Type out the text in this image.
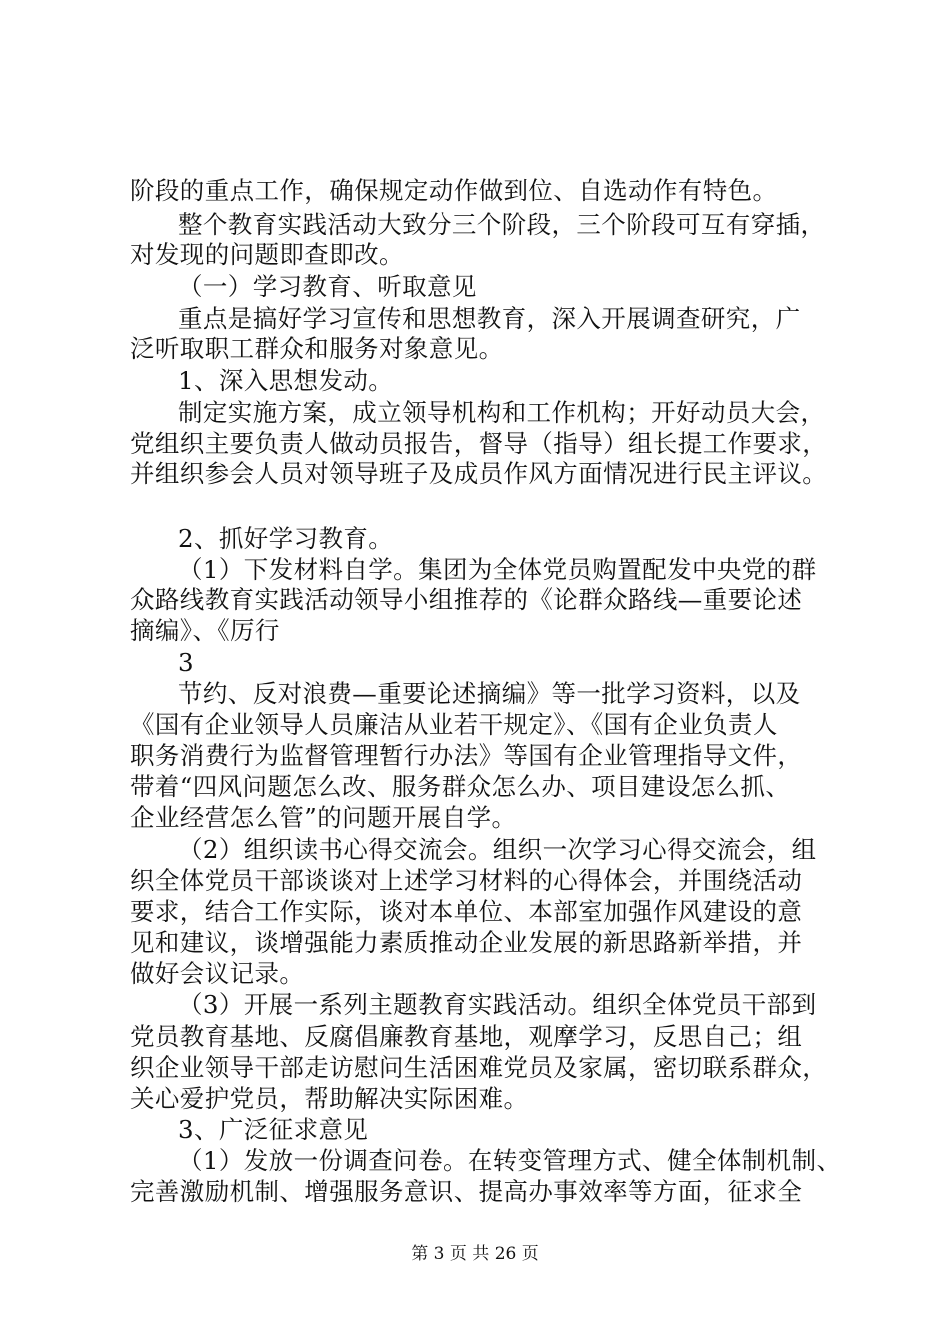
阶段的重点工作，确保规定动作做到位、自选动作有特色。
整个教育实践活动大致分三个阶段，三个阶段可互有穿插，
对发现的问题即查即改。
（一）学习教育、听取意见
重点是搞好学习宣传和思想教育，深入开展调查研究，广
泛听取职工群众和服务对象意见。
1、深入思想发动。
制定实施方案，成立领导机构和工作机构；开好动员大会，
党组织主要负责人做动员报告，督导（指导）组长提工作要求，
并组织参会人员对领导班子及成员作风方面情况进行民主评议。
2、抓好学习教育。
（1）下发材料自学。集团为全体党员购置配发中央党的群
众路线教育实践活动领导小组推荐的《论群众路线—重要论述
摘编》、《厉行
3
节约、反对浪费—重要论述摘编》等一批学习资料，以及
《国有企业领导人员廉洁从业若干规定》、《国有企业负责人
职务消费行为监督管理暂行办法》等国有企业管理指导文件，
带着“四风问题怎么改、服务群众怎么办、项目建设怎么抓、
企业经营怎么管”的问题开展自学。
（2）组织读书心得交流会。组织一次学习心得交流会，组
织全体党员干部谈谈对上述学习材料的心得体会，并围绕活动
要求，结合工作实际，谈对本单位、本部室加强作风建设的意
见和建议，谈增强能力素质推动企业发展的新思路新举措，并
做好会议记录。
（3）开展一系列主题教育实践活动。组织全体党员干部到
党员教育基地、反腐倡廉教育基地，观摩学习，反思自己；组
织企业领导干部走访慰问生活困难党员及家属，密切联系群众，
关心爱护党员，帮助解决实际困难。
3、广泛征求意见
（1）发放一份调查问卷。在转变管理方式、健全体制机制、
完善激励机制、增强服务意识、提高办事效率等方面，征求全
第 3 页 共 26 页
